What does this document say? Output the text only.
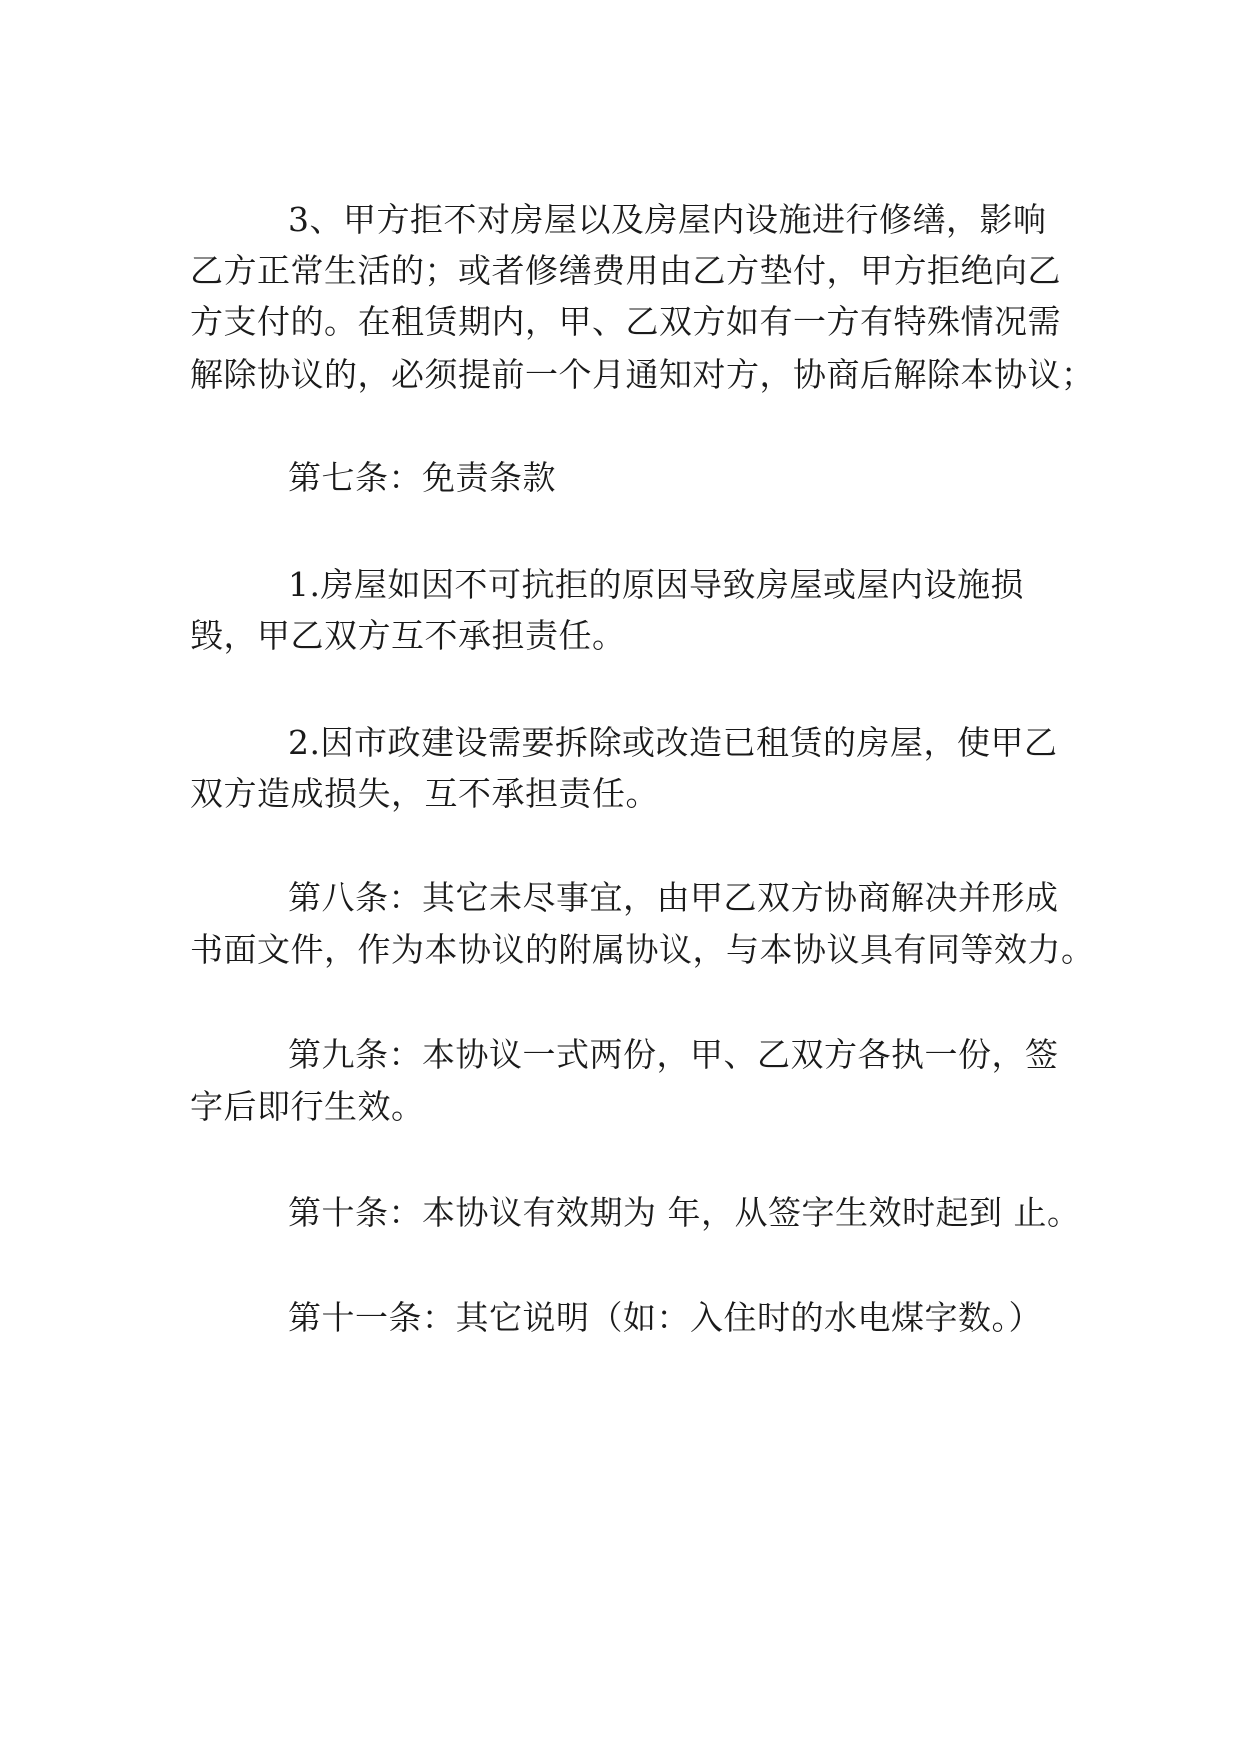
3、甲方拒不对房屋以及房屋内设施进行修缮，影响
乙方正常生活的；或者修缮费用由乙方垫付，甲方拒绝向乙
方支付的。在租赁期内，甲、乙双方如有一方有特殊情况需
解除协议的，必须提前一个月通知对方，协商后解除本协议；
第七条：免责条款
1.房屋如因不可抗拒的原因导致房屋或屋内设施损
毁，甲乙双方互不承担责任。
2.因市政建设需要拆除或改造已租赁的房屋，使甲乙
双方造成损失，互不承担责任。
第八条：其它未尽事宜，由甲乙双方协商解决并形成
书面文件，作为本协议的附属协议，与本协议具有同等效力。
第九条：本协议一式两份，甲、乙双方各执一份，签
字后即行生效。
第十条：本协议有效期为 年，从签字生效时起到 止。
第十一条：其它说明（如：入住时的水电煤字数。）
